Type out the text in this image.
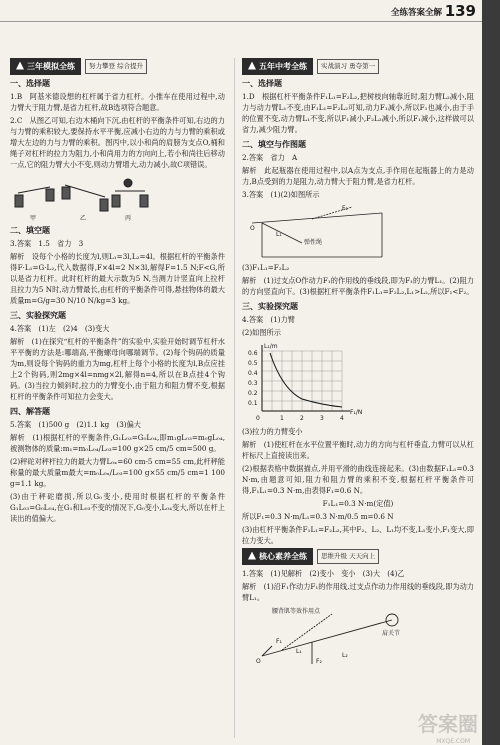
全练答案全解 139
三年模拟全练	努力攀登 综合提升
一、选择题

1.B　阿基米德设想的杠杆属于省力杠杆。小推车在使用过程中,动力臂大于阻力臂,是省力杠杆,故B选项符合题意。

2.C　从图乙可知,右边木桶向下沉,由杠杆的平衡条件可知,右边的力与力臂的乘积较大,要保持水平平衡,应减小右边的力与力臂的乘积或增大左边的力与力臂的乘积。图丙中,以小和尚的肩膀为支点O,桶和绳子对杠杆的拉力为阻力,小和尚用力的方向向上,若小和尚往后移动一点,它的阻力臂大小不变,则动力臂增大,动力减小,故C项错误。

甲	乙	丙
二、填空题

3.答案　1.5　省力　3

解析　设每个小格的长度为l,则L₁=3l,L₂=4l。根据杠杆的平衡条件得F·L₁=G·L₂,代入数据得,F×4l=2 N×3l,解得F=1.5 N;F<G,所以是省力杠杆。此时杠杆的最大示数为5 N,当测力计竖直向上拉杆且拉力为5 N时,动力臂最长,由杠杆的平衡条件可得,悬挂物体的最大质量m=G/g=30 N/10 N/kg=3 kg。

三、实验探究题

4.答案　(1)左　(2)4　(3)变大

解析　(1)在探究“杠杆的平衡条件”的实验中,实验开始时调节杠杆水平平衡的方法是:哪端高,平衡螺母向哪端调节。(2)每个钩码的质量为m,则设每个钩码的重力为mg,杠杆上每个小格的长度为l,B点应挂上2个钩码,则2mg×4l=nmg×2l,解得n=4,所以在B点挂4个钩码。(3)当拉力倾斜时,拉力的力臂变小,由于阻力和阻力臂不变,根据杠杆的平衡条件可知拉力会变大。

四、解答题

5.答案　(1)500 g　(2)1.1 kg　(3)偏大

解析　(1)根据杠杆的平衡条件,G₁L₀₃=G₀L₀₄,即m₁gL₀₃=m₀gL₀₄,被测物体的质量:m₁=m₀L₀₄/L₀₃=100 g×25 cm/5 cm=500 g。

(2)秤砣对秤杆拉力的最大力臂L₀ₓ=60 cm-5 cm=55 cm,此杆秤能称量的最大质量m最大=m₀L₀ₓ/L₀₃=100 g×55 cm/5 cm=1 100 g=1.1 kg。

(3)由于秤砣磨损,所以G₀变小,使用时根据杠杆的平衡条件G₁L₀₃=G₀L₀₄,在G₁和L₀₃不变的情况下,G₀变小,L₀₄变大,所以在杆上读出的值偏大。

五年中考全练	实战演习 勇夺第一
一、选择题

1.D　根据杠杆平衡条件F₁L₁=F₂L₂,把树枝向轴靠近时,阻力臂L₂减小,阻力与动力臂L₁不变,由F₁L₁=F₂L₂可知,动力F₁减小,所以F₁也减小,由于手的位置不变,动力臂L₁不变,所以F₁减小,F₂L₂减小,所以F₁减小,这样做可以省力,减少阻力臂。

二、填空与作图题

2.答案　省力　A

解析　此起瓶器在使用过程中,以A点为支点,手作用在起瓶器上的力是动力,B点受到的力是阻力,动力臂大于阻力臂,是省力杠杆。

3.答案　(1)(2)如图所示

O
F₁
L₁
弹性绳

(3)F₁L₁=F₂L₂

解析　(1)过支点O作动力F₁的作用线的垂线段,即为F₁的力臂L₁。(2)阻力的方向竖直向下。(3)根据杠杆平衡条件F₁L₁=F₂L₂,L₁>L₂,所以F₁<F₂。

三、实验探究题

4.答案　(1)力臂

(2)如图所示

L₁/m
F₁/N
0.6
0.5
0.4
0.3
0.2
0.1
0	1	2	3	4

(3)拉力的力臂变小

解析　(1)使杠杆在水平位置平衡时,动力的方向与杠杆垂直,力臂可以从杠杆标尺上直接读出来。

(2)根据表格中数据描点,并用平滑的曲线连接起来。(3)由数据F₁L₁=0.3 N·m,由题意可知,阻力和阻力臂的乘积不变,根据杠杆平衡条件可得,F₁L₁=0.3 N·m,由表得F₁=0.6 N。

F₁L₁=0.3 N·m(定值)

所以F₁=0.3 N·m/L₁=0.3 N·m/0.5 m=0.6 N

(3)由杠杆平衡条件F₁L₁=F₂L₂,其中F₂、L₂、L₁均不变,L₁变小,F₁变大,即拉力变大。

核心素养全练	思维升级 天天向上

1.答案　(1)见解析　(2)变小　变小　(3)大　(4)乙

解析　(1)沿F₁作动力F₁的作用线,过支点作动力作用线的垂线段,即为动力臂L₁。

腰背肌等效作用点
肩关节
F₁
O
L₁
L₂
F₂
答案圈
MXQE.COM
